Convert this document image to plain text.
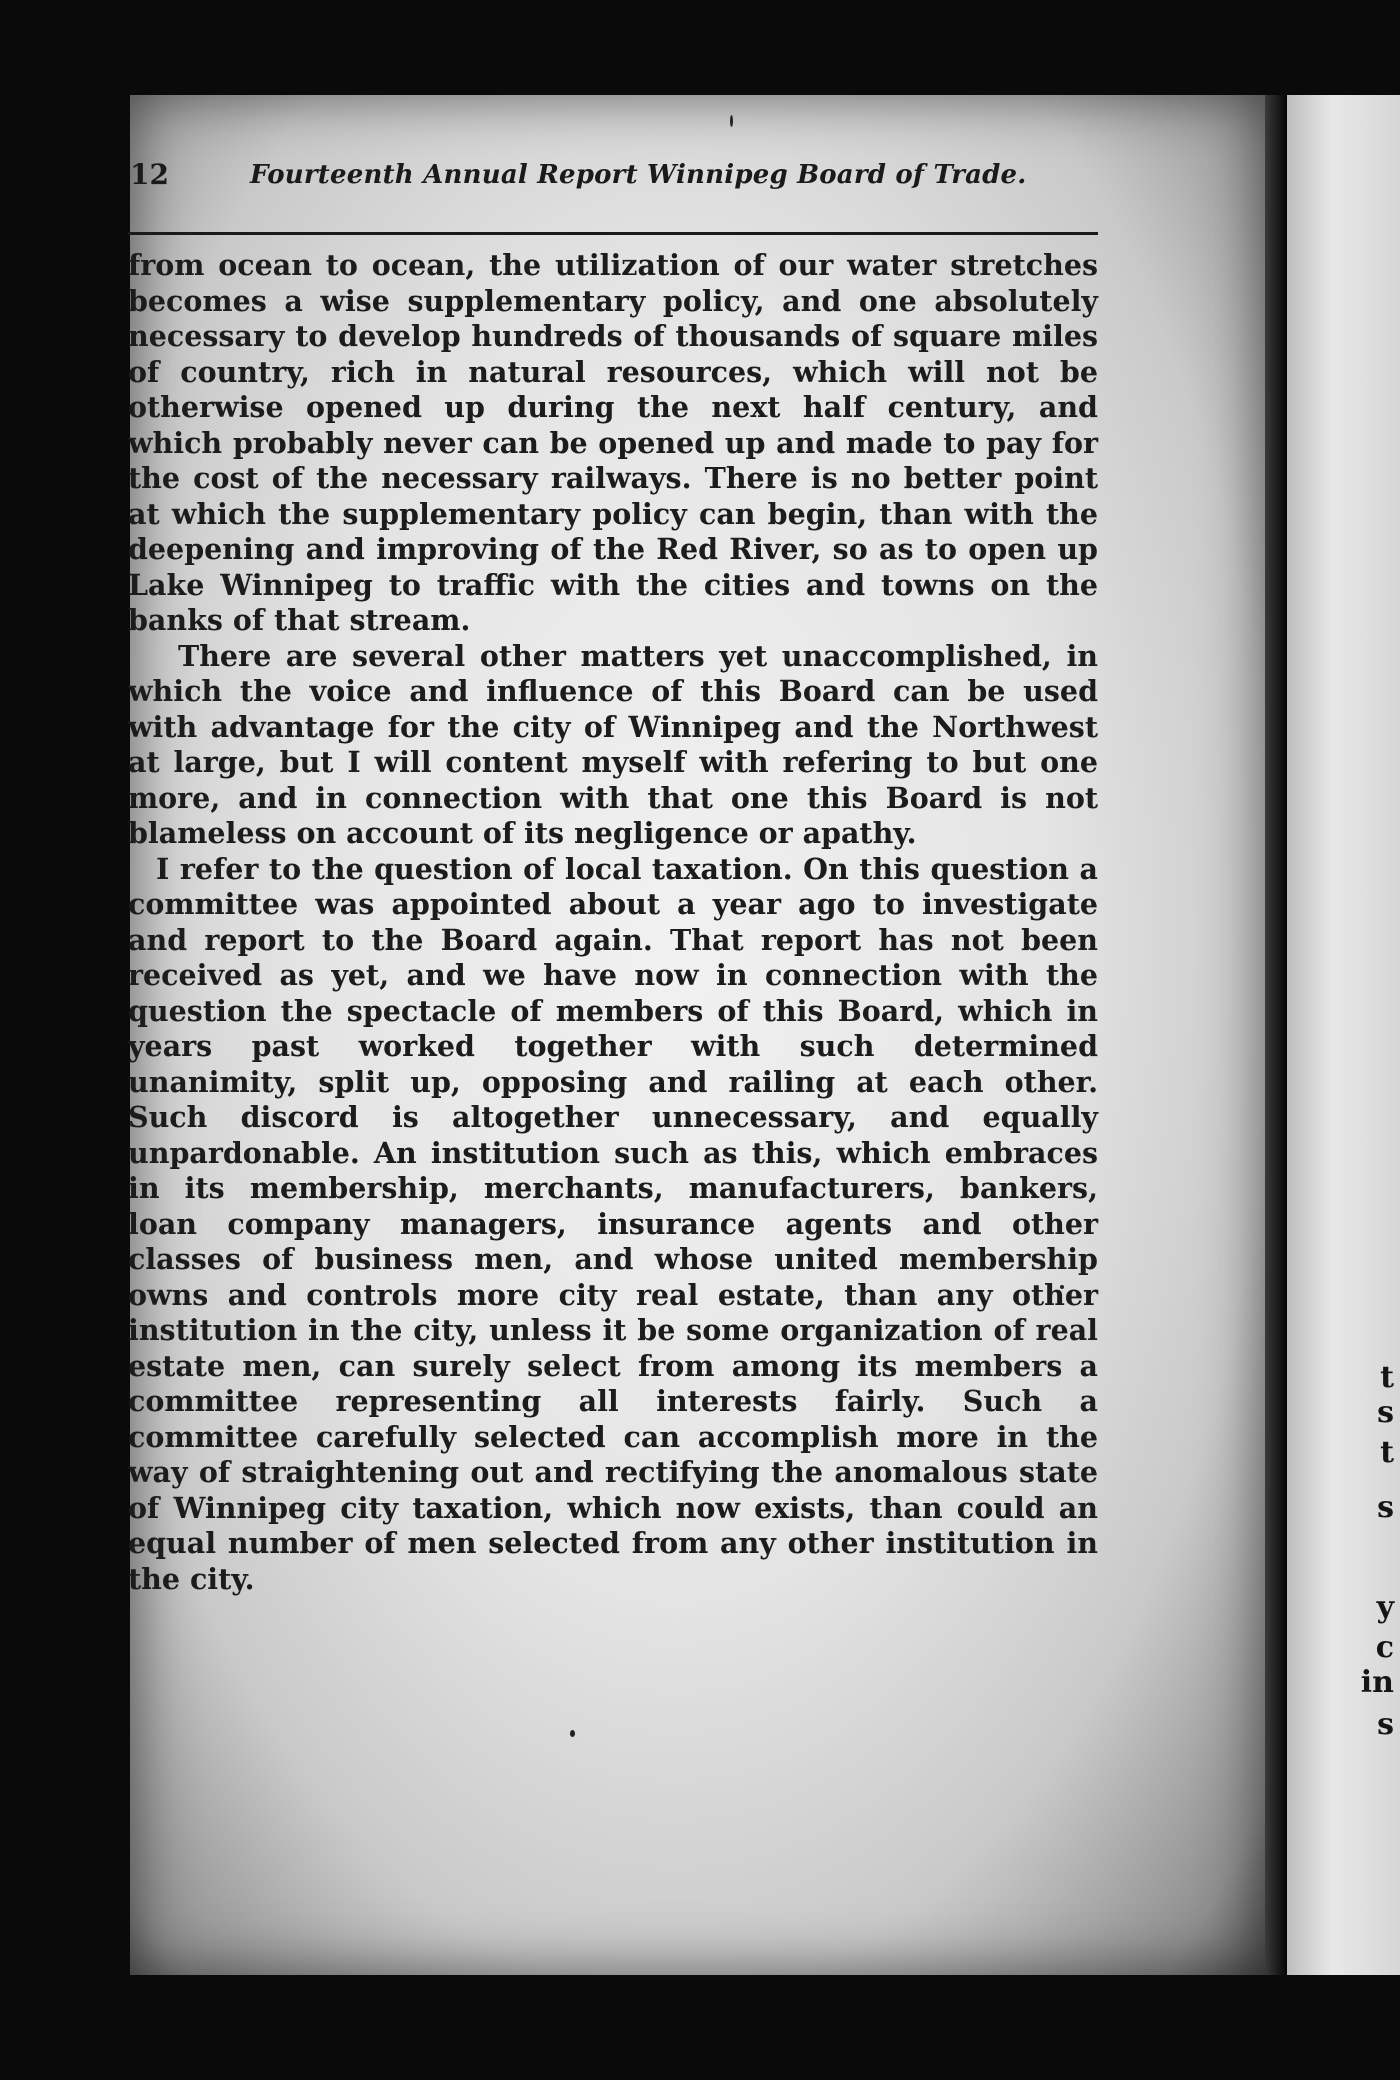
t
s
t
s
y
c
in
s
12	Fourteenth Annual Report Winnipeg Board of Trade.

from ocean to ocean, the utilization of our water stretches becomes a wise supplementary policy, and one absolutely necessary to develop hundreds of thousands of square miles of country, rich in natural resources, which will not be otherwise opened up during the next half century, and which probably never can be opened up and made to pay for the cost of the necessary railways. There is no better point at which the supplementary policy can begin, than with the deepening and improving of the Red River, so as to open up Lake Winnipeg to traffic with the cities and towns on the banks of that stream.

There are several other matters yet unaccomplished, in which the voice and influence of this Board can be used with advantage for the city of Winnipeg and the Northwest at large, but I will content myself with refering to but one more, and in connection with that one this Board is not blameless on account of its negligence or apathy.

I refer to the question of local taxation. On this question a committee was appointed about a year ago to investigate and report to the Board again. That report has not been received as yet, and we have now in connection with the question the spectacle of members of this Board, which in years past worked together with such determined unanimity, split up, opposing and railing at each other. Such discord is altogether unnecessary, and equally unpardonable. An institution such as this, which embraces in its membership, merchants, manufacturers, bankers, loan company managers, insurance agents and other classes of business men, and whose united membership owns and controls more city real estate, than any other institution in the city, unless it be some organization of real estate men, can surely select from among its members a committee representing all interests fairly. Such a committee carefully selected can accomplish more in the way of straightening out and rectifying the anomalous state of Winnipeg city taxation, which now exists, than could an equal number of men selected from any other institution in the city.
